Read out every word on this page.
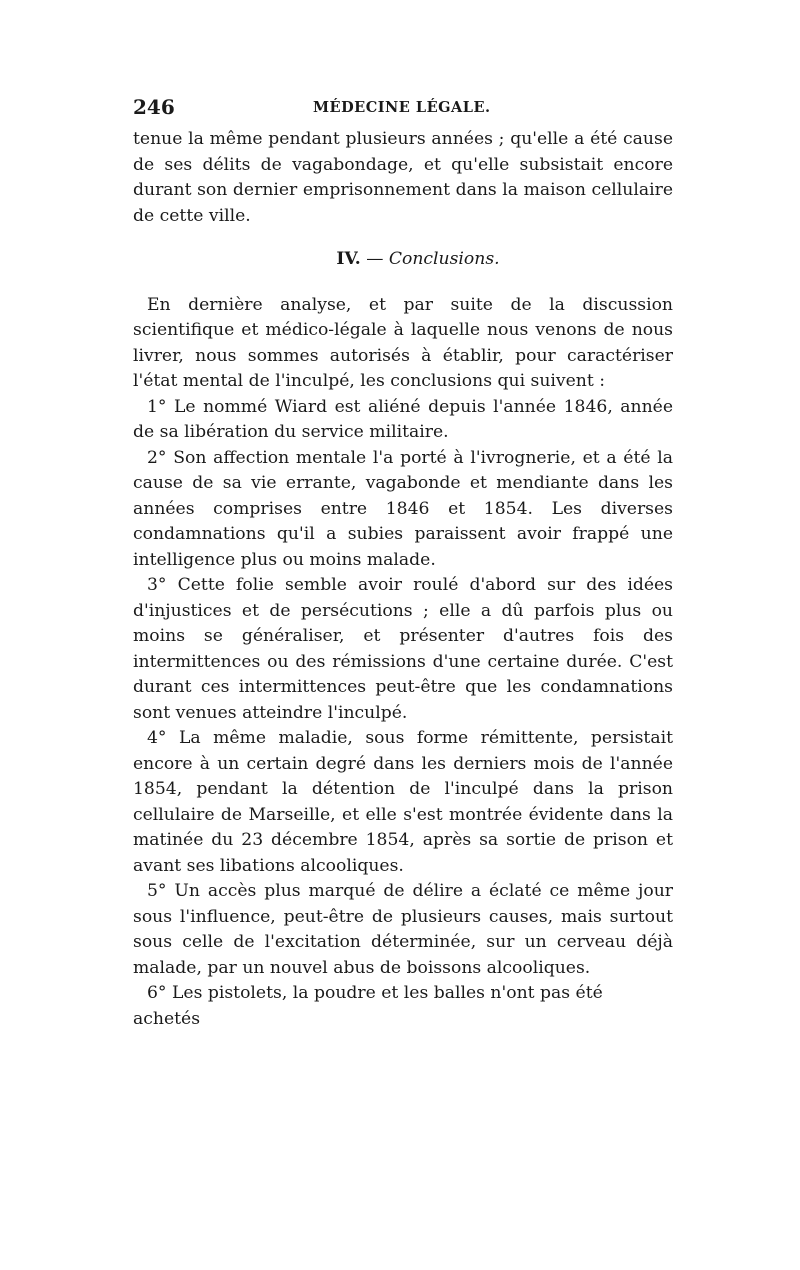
246	MÉDECINE LÉGALE.

tenue la même pendant plusieurs années ; qu'elle a été cause de ses délits de vagabondage, et qu'elle subsistait encore durant son dernier emprisonnement dans la maison cellulaire de cette ville.

IV. — Conclusions.

En dernière analyse, et par suite de la discussion scientifique et médico-légale à laquelle nous venons de nous livrer, nous sommes autorisés à établir, pour caractériser l'état mental de l'inculpé, les conclusions qui suivent :

1° Le nommé Wiard est aliéné depuis l'année 1846, année de sa libération du service militaire.

2° Son affection mentale l'a porté à l'ivrognerie, et a été la cause de sa vie errante, vagabonde et mendiante dans les années comprises entre 1846 et 1854. Les diverses condamnations qu'il a subies paraissent avoir frappé une intelligence plus ou moins malade.

3° Cette folie semble avoir roulé d'abord sur des idées d'injustices et de persécutions ; elle a dû parfois plus ou moins se généraliser, et présenter d'autres fois des intermittences ou des rémissions d'une certaine durée. C'est durant ces intermittences peut-être que les condamnations sont venues atteindre l'inculpé.

4° La même maladie, sous forme rémittente, persistait encore à un certain degré dans les derniers mois de l'année 1854, pendant la détention de l'inculpé dans la prison cellulaire de Marseille, et elle s'est montrée évidente dans la matinée du 23 décembre 1854, après sa sortie de prison et avant ses libations alcooliques.

5° Un accès plus marqué de délire a éclaté ce même jour sous l'influence, peut-être de plusieurs causes, mais surtout sous celle de l'excitation déterminée, sur un cerveau déjà malade, par un nouvel abus de boissons alcooliques.

6° Les pistolets, la poudre et les balles n'ont pas été achetés
